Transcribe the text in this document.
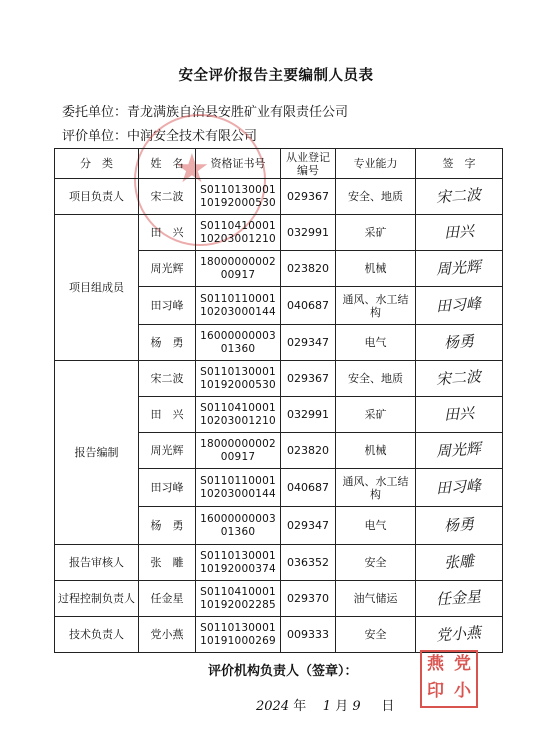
安全评价报告主要编制人员表
委托单位：青龙满族自治县安胜矿业有限责任公司
评价单位：中润安全技术有限公司
★
分　类	姓　名	资格证书号	从业登记编号	专业能力	签　字
项目负责人	宋二波	S011013000110192000530	029367	安全、地质	宋二波
项目组成员	田　兴	S011041000110203001210	032991	采矿	田兴
	周光辉	1800000000200917	023820	机械	周光辉
	田习峰	S011011000110203000144	040687	通风、水工结构	田习峰
	杨　勇	1600000000301360	029347	电气	杨勇
报告编制	宋二波	S011013000110192000530	029367	安全、地质	宋二波
	田　兴	S011041000110203001210	032991	采矿	田兴
	周光辉	1800000000200917	023820	机械	周光辉
	田习峰	S011011000110203000144	040687	通风、水工结构	田习峰
	杨　勇	1600000000301360	029347	电气	杨勇
报告审核人	张　雕	S011013000110192000374	036352	安全	张雕
过程控制负责人	任金星	S011041000110192002285	029370	油气储运	任金星
技术负责人	党小燕	S011013000110191000269	009333	安全	党小燕
评价机构负责人（签章）：
2024 年 1 月 9 日
燕 党
印 小
